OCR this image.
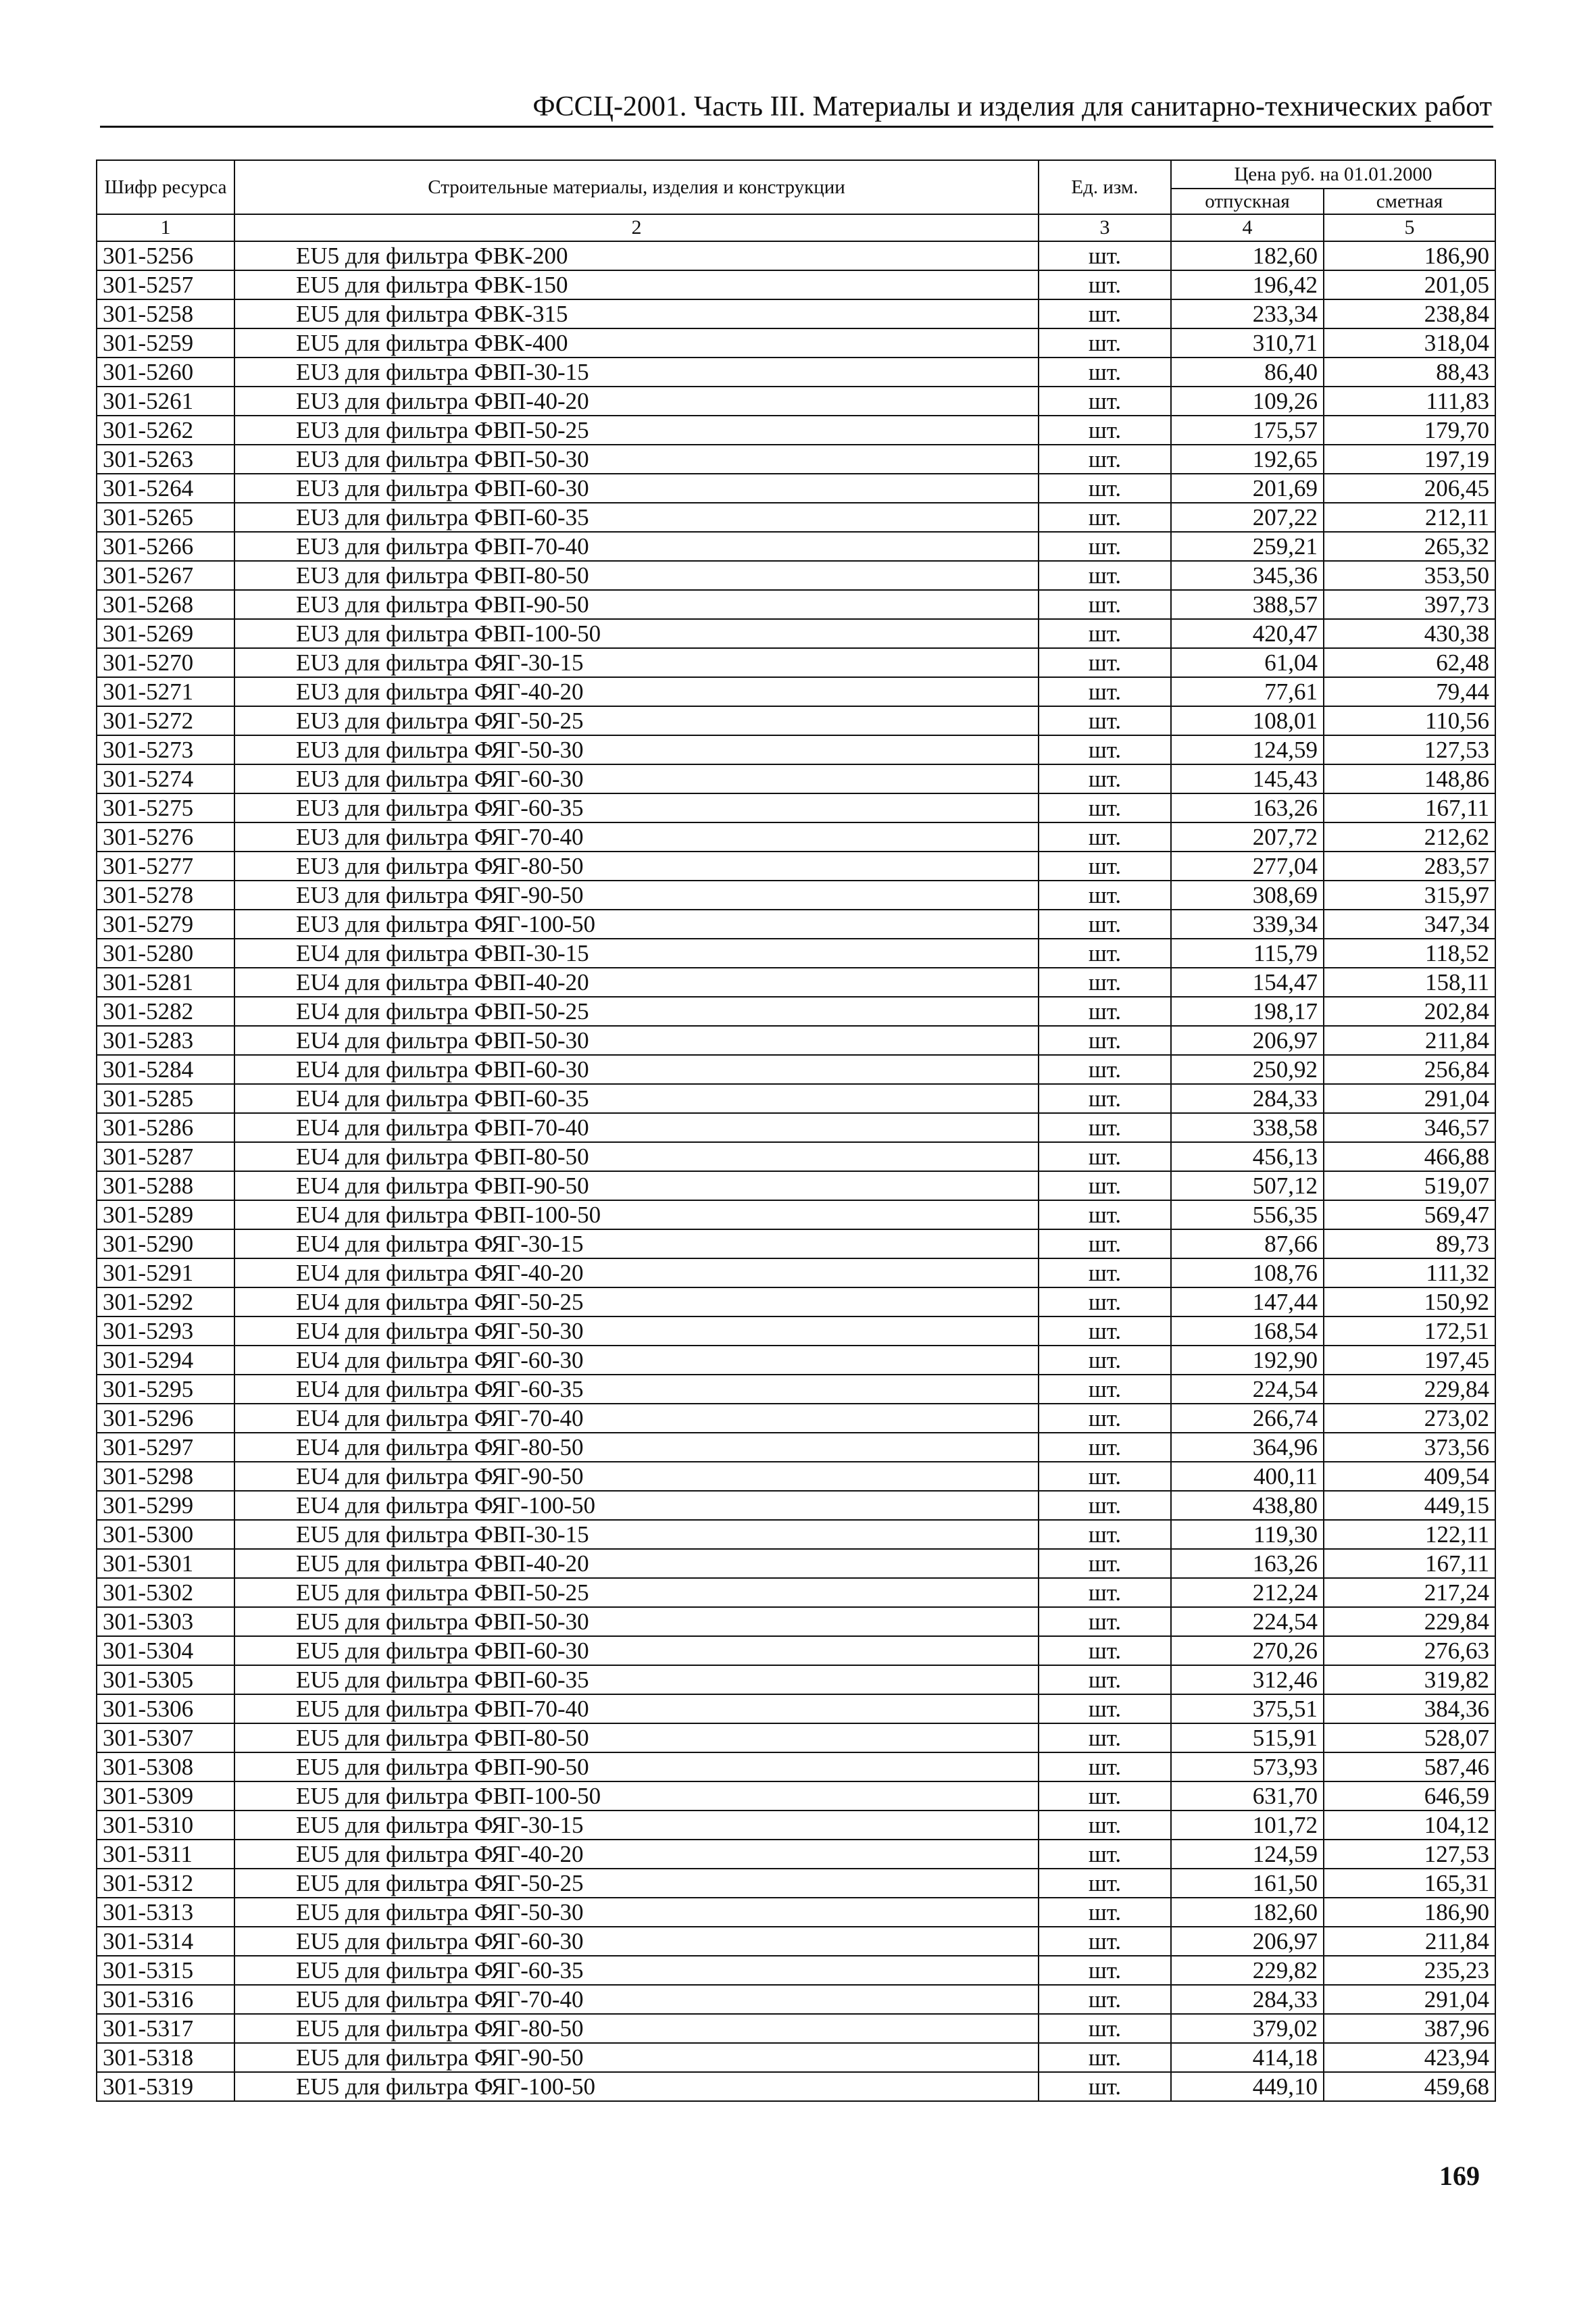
ФССЦ-2001. Часть III. Материалы и изделия для санитарно-технических работ
Шифр ресурса	Строительные материалы, изделия и конструкции	Ед. изм.	Цена руб. на 01.01.2000	
			отпускная	сметная
1	2	3	4	5
301-5256	EU5 для фильтра ФВК-200	шт.	182,60	186,90
301-5257	EU5 для фильтра ФВК-150	шт.	196,42	201,05
301-5258	EU5 для фильтра ФВК-315	шт.	233,34	238,84
301-5259	EU5 для фильтра ФВК-400	шт.	310,71	318,04
301-5260	EU3 для фильтра ФВП-30-15	шт.	86,40	88,43
301-5261	EU3 для фильтра ФВП-40-20	шт.	109,26	111,83
301-5262	EU3 для фильтра ФВП-50-25	шт.	175,57	179,70
301-5263	EU3 для фильтра ФВП-50-30	шт.	192,65	197,19
301-5264	EU3 для фильтра ФВП-60-30	шт.	201,69	206,45
301-5265	EU3 для фильтра ФВП-60-35	шт.	207,22	212,11
301-5266	EU3 для фильтра ФВП-70-40	шт.	259,21	265,32
301-5267	EU3 для фильтра ФВП-80-50	шт.	345,36	353,50
301-5268	EU3 для фильтра ФВП-90-50	шт.	388,57	397,73
301-5269	EU3 для фильтра ФВП-100-50	шт.	420,47	430,38
301-5270	EU3 для фильтра ФЯГ-30-15	шт.	61,04	62,48
301-5271	EU3 для фильтра ФЯГ-40-20	шт.	77,61	79,44
301-5272	EU3 для фильтра ФЯГ-50-25	шт.	108,01	110,56
301-5273	EU3 для фильтра ФЯГ-50-30	шт.	124,59	127,53
301-5274	EU3 для фильтра ФЯГ-60-30	шт.	145,43	148,86
301-5275	EU3 для фильтра ФЯГ-60-35	шт.	163,26	167,11
301-5276	EU3 для фильтра ФЯГ-70-40	шт.	207,72	212,62
301-5277	EU3 для фильтра ФЯГ-80-50	шт.	277,04	283,57
301-5278	EU3 для фильтра ФЯГ-90-50	шт.	308,69	315,97
301-5279	EU3 для фильтра ФЯГ-100-50	шт.	339,34	347,34
301-5280	EU4 для фильтра ФВП-30-15	шт.	115,79	118,52
301-5281	EU4 для фильтра ФВП-40-20	шт.	154,47	158,11
301-5282	EU4 для фильтра ФВП-50-25	шт.	198,17	202,84
301-5283	EU4 для фильтра ФВП-50-30	шт.	206,97	211,84
301-5284	EU4 для фильтра ФВП-60-30	шт.	250,92	256,84
301-5285	EU4 для фильтра ФВП-60-35	шт.	284,33	291,04
301-5286	EU4 для фильтра ФВП-70-40	шт.	338,58	346,57
301-5287	EU4 для фильтра ФВП-80-50	шт.	456,13	466,88
301-5288	EU4 для фильтра ФВП-90-50	шт.	507,12	519,07
301-5289	EU4 для фильтра ФВП-100-50	шт.	556,35	569,47
301-5290	EU4 для фильтра ФЯГ-30-15	шт.	87,66	89,73
301-5291	EU4 для фильтра ФЯГ-40-20	шт.	108,76	111,32
301-5292	EU4 для фильтра ФЯГ-50-25	шт.	147,44	150,92
301-5293	EU4 для фильтра ФЯГ-50-30	шт.	168,54	172,51
301-5294	EU4 для фильтра ФЯГ-60-30	шт.	192,90	197,45
301-5295	EU4 для фильтра ФЯГ-60-35	шт.	224,54	229,84
301-5296	EU4 для фильтра ФЯГ-70-40	шт.	266,74	273,02
301-5297	EU4 для фильтра ФЯГ-80-50	шт.	364,96	373,56
301-5298	EU4 для фильтра ФЯГ-90-50	шт.	400,11	409,54
301-5299	EU4 для фильтра ФЯГ-100-50	шт.	438,80	449,15
301-5300	EU5 для фильтра ФВП-30-15	шт.	119,30	122,11
301-5301	EU5 для фильтра ФВП-40-20	шт.	163,26	167,11
301-5302	EU5 для фильтра ФВП-50-25	шт.	212,24	217,24
301-5303	EU5 для фильтра ФВП-50-30	шт.	224,54	229,84
301-5304	EU5 для фильтра ФВП-60-30	шт.	270,26	276,63
301-5305	EU5 для фильтра ФВП-60-35	шт.	312,46	319,82
301-5306	EU5 для фильтра ФВП-70-40	шт.	375,51	384,36
301-5307	EU5 для фильтра ФВП-80-50	шт.	515,91	528,07
301-5308	EU5 для фильтра ФВП-90-50	шт.	573,93	587,46
301-5309	EU5 для фильтра ФВП-100-50	шт.	631,70	646,59
301-5310	EU5 для фильтра ФЯГ-30-15	шт.	101,72	104,12
301-5311	EU5 для фильтра ФЯГ-40-20	шт.	124,59	127,53
301-5312	EU5 для фильтра ФЯГ-50-25	шт.	161,50	165,31
301-5313	EU5 для фильтра ФЯГ-50-30	шт.	182,60	186,90
301-5314	EU5 для фильтра ФЯГ-60-30	шт.	206,97	211,84
301-5315	EU5 для фильтра ФЯГ-60-35	шт.	229,82	235,23
301-5316	EU5 для фильтра ФЯГ-70-40	шт.	284,33	291,04
301-5317	EU5 для фильтра ФЯГ-80-50	шт.	379,02	387,96
301-5318	EU5 для фильтра ФЯГ-90-50	шт.	414,18	423,94
301-5319	EU5 для фильтра ФЯГ-100-50	шт.	449,10	459,68
169
